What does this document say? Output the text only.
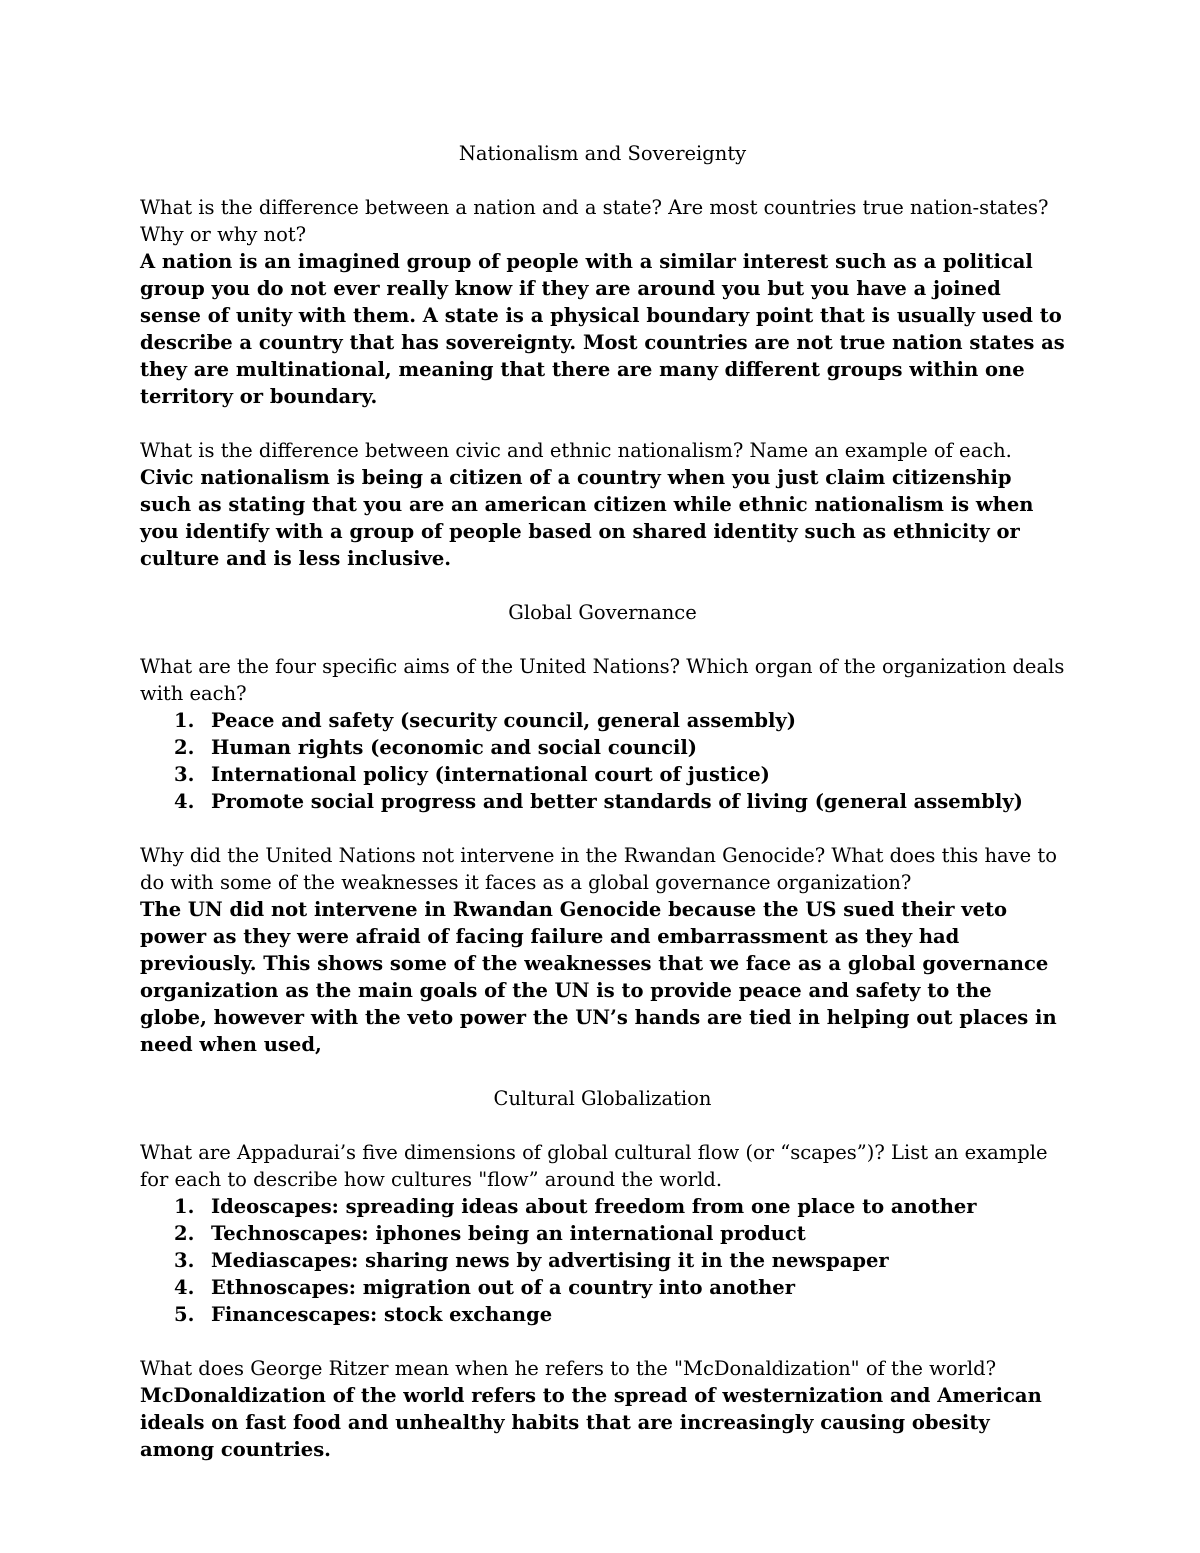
Nationalism and Sovereignty

What is the difference between a nation and a state? Are most countries true nation-states? Why or why not?

A nation is an imagined group of people with a similar interest such as a political group you do not ever really know if they are around you but you have a joined sense of unity with them. A state is a physical boundary point that is usually used to describe a country that has sovereignty. Most countries are not true nation states as they are multinational, meaning that there are many different groups within one territory or boundary.

What is the difference between civic and ethnic nationalism? Name an example of each.

Civic nationalism is being a citizen of a country when you just claim citizenship such as stating that you are an american citizen while ethnic nationalism is when you identify with a group of people based on shared identity such as ethnicity or culture and is less inclusive.

Global Governance

What are the four specific aims of the United Nations? Which organ of the organization deals with each?

1. Peace and safety (security council, general assembly)
2. Human rights (economic and social council)
3. International policy (international court of justice)
4. Promote social progress and better standards of living (general assembly)

Why did the United Nations not intervene in the Rwandan Genocide? What does this have to do with some of the weaknesses it faces as a global governance organization?

The UN did not intervene in Rwandan Genocide because the US sued their veto power as they were afraid of facing failure and embarrassment as they had previously. This shows some of the weaknesses that we face as a global governance organization as the main goals of the UN is to provide peace and safety to the globe, however with the veto power the UN’s hands are tied in helping out places in need when used,

Cultural Globalization

What are Appadurai’s five dimensions of global cultural flow (or “scapes”)? List an example for each to describe how cultures "flow” around the world.

1. Ideoscapes: spreading ideas about freedom from one place to another
2. Technoscapes: iphones being an international product
3. Mediascapes: sharing news by advertising it in the newspaper
4. Ethnoscapes: migration out of a country into another
5. Financescapes: stock exchange

What does George Ritzer mean when he refers to the "McDonaldization" of the world?

McDonaldization of the world refers to the spread of westernization and American ideals on fast food and unhealthy habits that are increasingly causing obesity among countries.
